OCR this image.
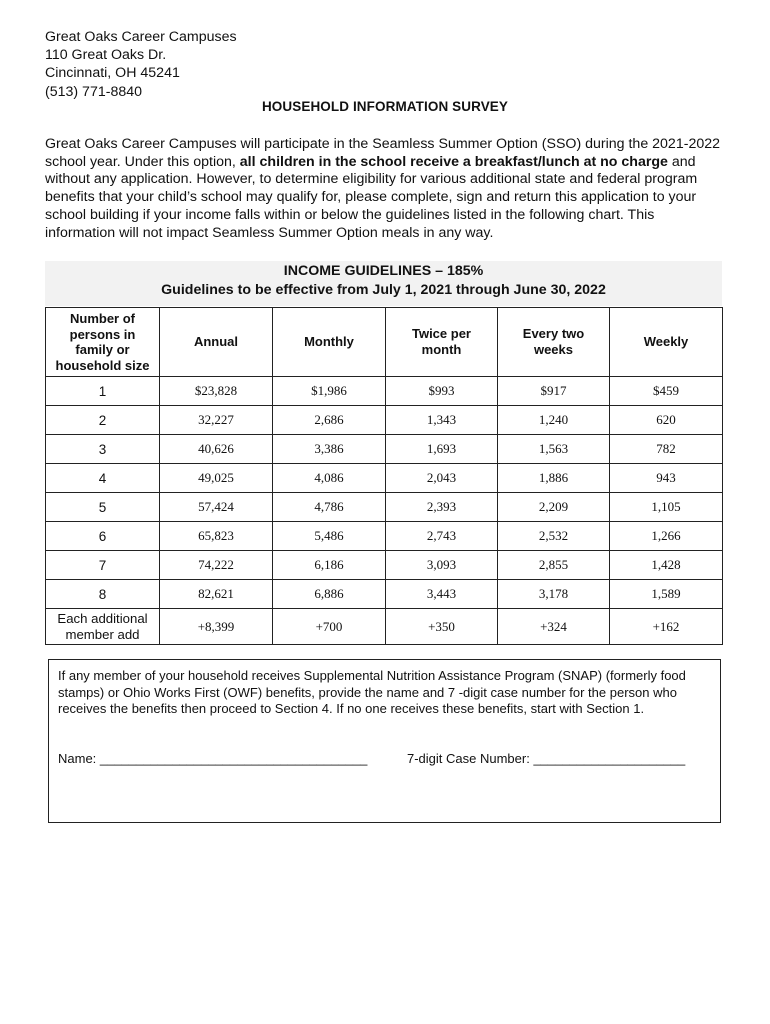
Great Oaks Career Campuses
110 Great Oaks Dr.
Cincinnati, OH 45241
(513) 771-8840
HOUSEHOLD INFORMATION SURVEY

Great Oaks Career Campuses will participate in the Seamless Summer Option (SSO) during the 2021-2022 school year. Under this option, all children in the school receive a breakfast/lunch at no charge and without any application. However, to determine eligibility for various additional state and federal program benefits that your child’s school may qualify for, please complete, sign and return this application to your school building if your income falls within or below the guidelines listed in the following chart. This information will not impact Seamless Summer Option meals in any way.

INCOME GUIDELINES – 185%
Guidelines to be effective from July 1, 2021 through June 30, 2022
Number of
persons in
family or
household size	Annual	Monthly	Twice per
month	Every two
weeks	Weekly
1	$23,828	$1,986	$993	$917	$459
2	32,227	2,686	1,343	1,240	620
3	40,626	3,386	1,693	1,563	782
4	49,025	4,086	2,043	1,886	943
5	57,424	4,786	2,393	2,209	1,105
6	65,823	5,486	2,743	2,532	1,266
7	74,222	6,186	3,093	2,855	1,428
8	82,621	6,886	3,443	3,178	1,589
Each additional
member add	+8,399	+700	+350	+324	+162

If any member of your household receives Supplemental Nutrition Assistance Program (SNAP) (formerly food stamps) or Ohio Works First (OWF) benefits, provide the name and 7 -digit case number for the person who receives the benefits then proceed to Section 4. If no one receives these benefits, start with Section 1.

Name: _____________________________________	7-digit Case Number: _____________________
